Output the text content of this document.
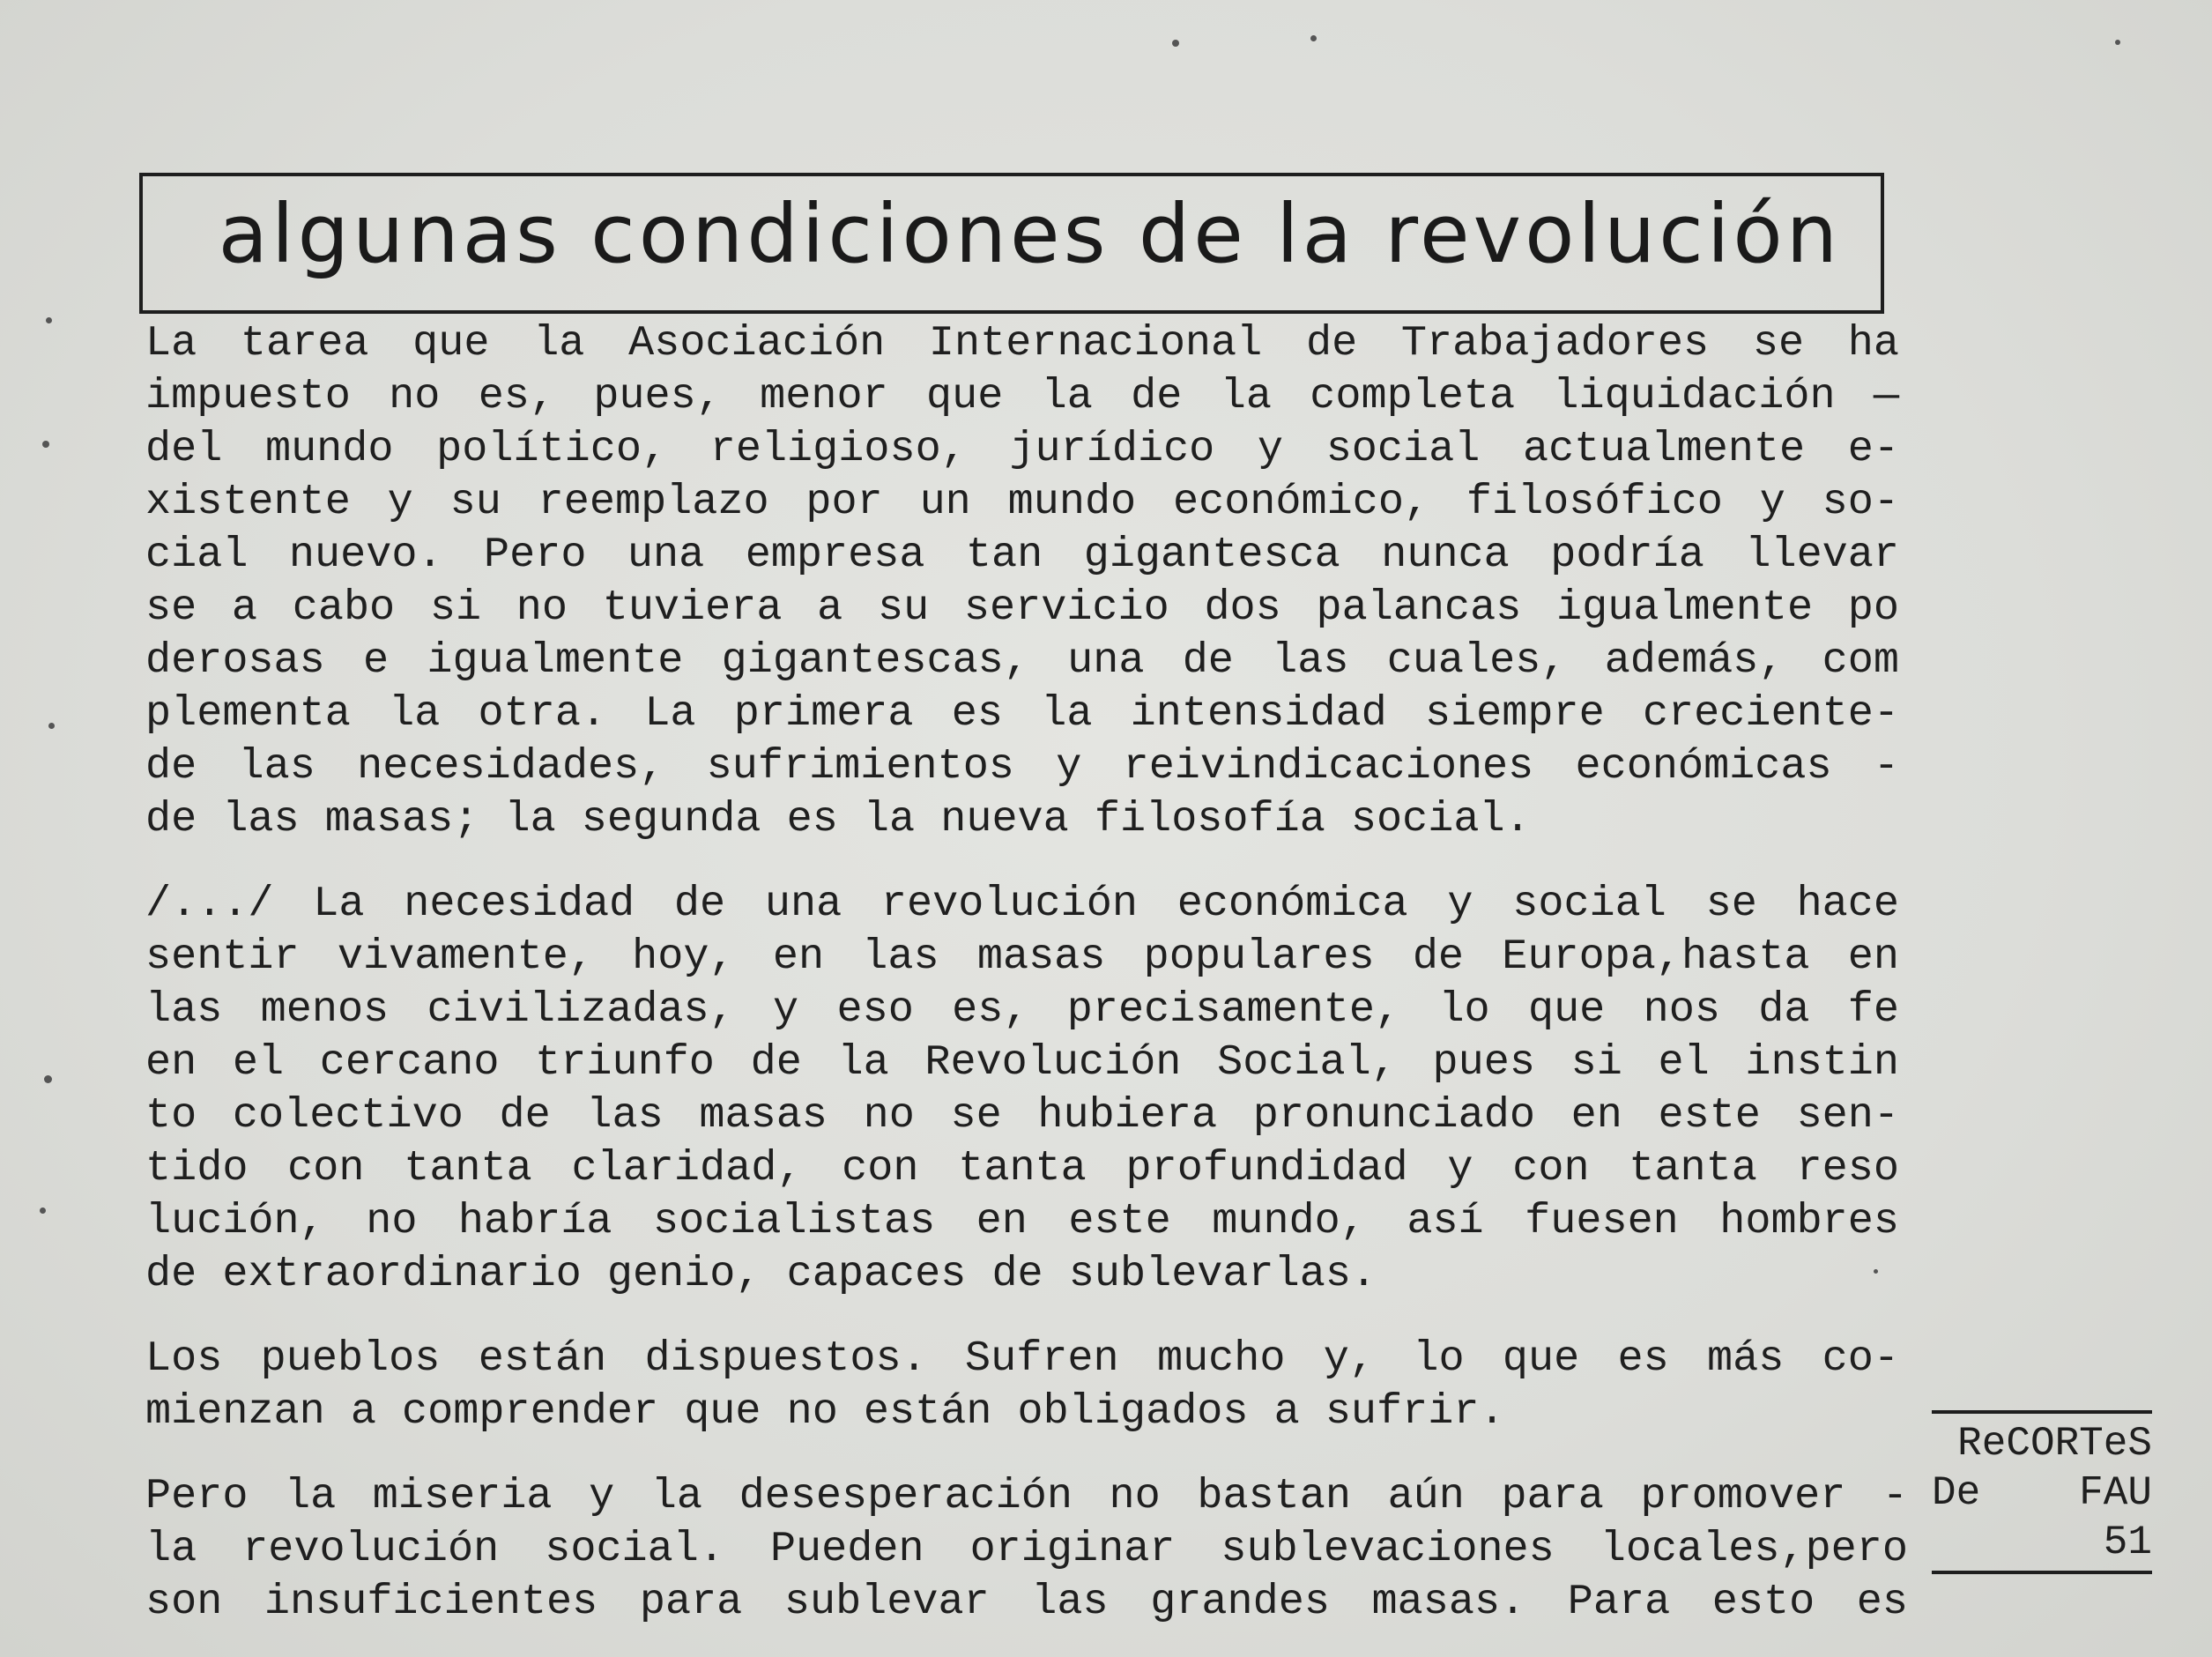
algunas condiciones de la revolución

La tarea que la Asociación Internacional de Trabajadores se ha
impuesto no es, pues, menor que la de la completa liquidación —
del mundo político, religioso, jurídico y social actualmente e-
xistente y su reemplazo por un mundo económico, filosófico y so-
cial nuevo. Pero una empresa tan gigantesca nunca podría llevar
se a cabo si no tuviera a su servicio dos palancas igualmente po
derosas e igualmente gigantescas, una de las cuales, además, com
plementa la otra. La primera es la intensidad siempre creciente-
de las necesidades, sufrimientos y reivindicaciones económicas -
de las masas; la segunda es la nueva filosofía social.

/.../ La necesidad de una revolución económica y social se hace
sentir vivamente, hoy, en las masas populares de Europa,hasta en
las menos civilizadas, y eso es, precisamente, lo que nos da fe
en el cercano triunfo de la Revolución Social, pues si el instin
to colectivo de las masas no se hubiera pronunciado en este sen-
tido con tanta claridad, con tanta profundidad y con tanta reso
lución, no habría socialistas en este mundo, así fuesen hombres
de extraordinario genio, capaces de sublevarlas.

Los pueblos están dispuestos. Sufren mucho y, lo que es más co-
mienzan a comprender que no están obligados a sufrir.

Pero la miseria y la desesperación no bastan aún para promover -
la revolución social. Pueden originar sublevaciones locales,pero
son insuficientes para sublevar las grandes masas. Para esto es

ReCORTeS
De FAU
51
